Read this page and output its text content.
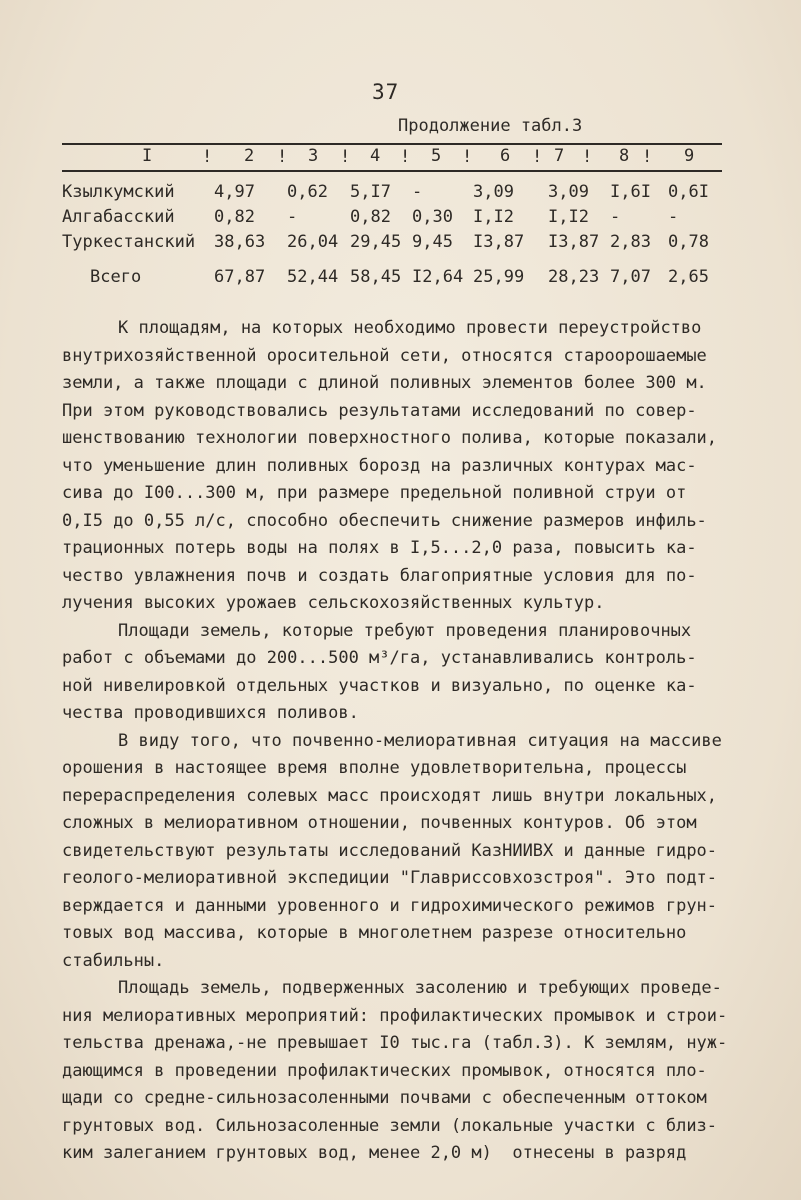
37
Продолжение табл.3
I	! 2 ! 3 ! 4 ! 5 ! 6 ! 7 ! 8 ! 9
Кзылкумский 4,97 0,62 5,I7 -	3,09 3,09 I,6I 0,6I
Алгабасский 0,82 -	0,82 0,30 I,I2 I,I2 -	-
Туркестанский 38,63 26,04 29,45 9,45 I3,87 I3,87 2,83 0,78
Всего	67,87 52,44 58,45 I2,64 25,99 28,23 7,07 2,65
К площадям, на которых необходимо провести переустройство
внутрихозяйственной оросительной сети, относятся староорошаемые
земли, а также площади с длиной поливных элементов более 300 м.
При этом руководствовались результатами исследований по совер-
шенствованию технологии поверхностного полива, которые показали,
что уменьшение длин поливных борозд на различных контурах мас-
сива до I00...300 м, при размере предельной поливной струи от
0,I5 до 0,55 л/с, способно обеспечить снижение размеров инфиль-
трационных потерь воды на полях в I,5...2,0 раза, повысить ка-
чество увлажнения почв и создать благоприятные условия для по-
лучения высоких урожаев сельскохозяйственных культур.
Площади земель, которые требуют проведения планировочных
работ с объемами до 200...500 м³/га, устанавливались контроль-
ной нивелировкой отдельных участков и визуально, по оценке ка-
чества проводившихся поливов.
В виду того, что почвенно-мелиоративная ситуация на массиве
орошения в настоящее время вполне удовлетворительна, процессы
перераспределения солевых масс происходят лишь внутри локальных,
сложных в мелиоративном отношении, почвенных контуров. Об этом
свидетельствуют результаты исследований КазНИИВХ и данные гидро-
геолого-мелиоративной экспедиции "Главриссовхозстроя". Это подт-
верждается и данными уровенного и гидрохимического режимов грун-
товых вод массива, которые в многолетнем разрезе относительно
стабильны.
Площадь земель, подверженных засолению и требующих проведе-
ния мелиоративных мероприятий: профилактических промывок и строи-
тельства дренажа,-не превышает I0 тыс.га (табл.3). К землям, нуж-
дающимся в проведении профилактических промывок, относятся пло-
щади со средне-сильнозасоленными почвами с обеспеченным оттоком
грунтовых вод. Сильнозасоленные земли (локальные участки с близ-
ким залеганием грунтовых вод, менее 2,0 м)  отнесены в разряд
